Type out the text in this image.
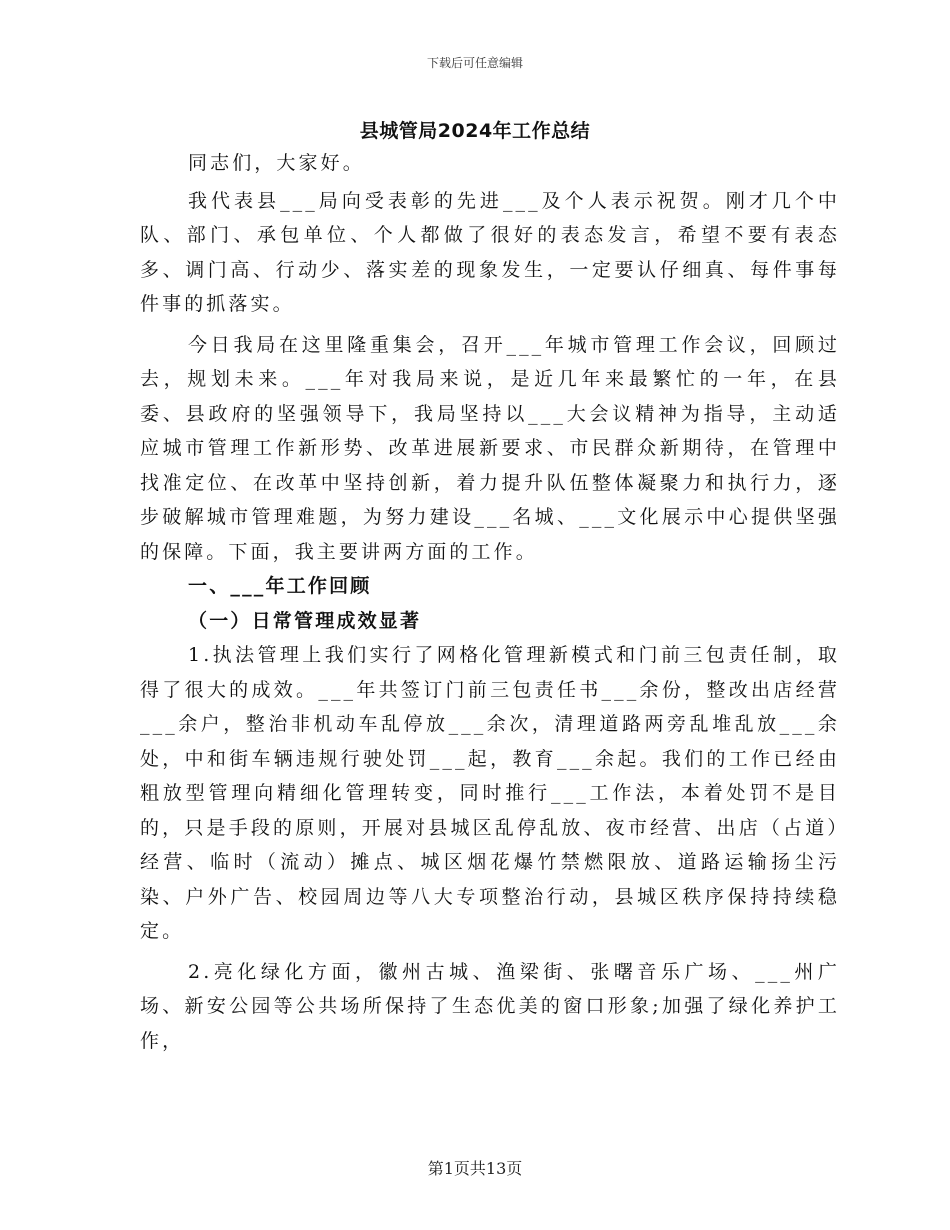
下载后可任意编辑
县城管局2024年工作总结

同志们，大家好。

我代表县___局向受表彰的先进___及个人表示祝贺。刚才几个中队、部门、承包单位、个人都做了很好的表态发言，希望不要有表态多、调门高、行动少、落实差的现象发生，一定要认仔细真、每件事每件事的抓落实。

今日我局在这里隆重集会，召开___年城市管理工作会议，回顾过去，规划未来。___年对我局来说，是近几年来最繁忙的一年，在县委、县政府的坚强领导下，我局坚持以___大会议精神为指导，主动适应城市管理工作新形势、改革进展新要求、市民群众新期待，在管理中找准定位、在改革中坚持创新，着力提升队伍整体凝聚力和执行力，逐步破解城市管理难题，为努力建设___名城、___文化展示中心提供坚强的保障。下面，我主要讲两方面的工作。

一、___年工作回顾

（一）日常管理成效显著

1.执法管理上我们实行了网格化管理新模式和门前三包责任制，取得了很大的成效。___年共签订门前三包责任书___余份，整改出店经营___余户，整治非机动车乱停放___余次，清理道路两旁乱堆乱放___余处，中和街车辆违规行驶处罚___起，教育___余起。我们的工作已经由粗放型管理向精细化管理转变，同时推行___工作法，本着处罚不是目的，只是手段的原则，开展对县城区乱停乱放、夜市经营、出店（占道）经营、临时（流动）摊点、城区烟花爆竹禁燃限放、道路运输扬尘污染、户外广告、校园周边等八大专项整治行动，县城区秩序保持持续稳定。

2.亮化绿化方面，徽州古城、渔梁街、张曙音乐广场、___州广场、新安公园等公共场所保持了生态优美的窗口形象;加强了绿化养护工作，

第1页共13页
